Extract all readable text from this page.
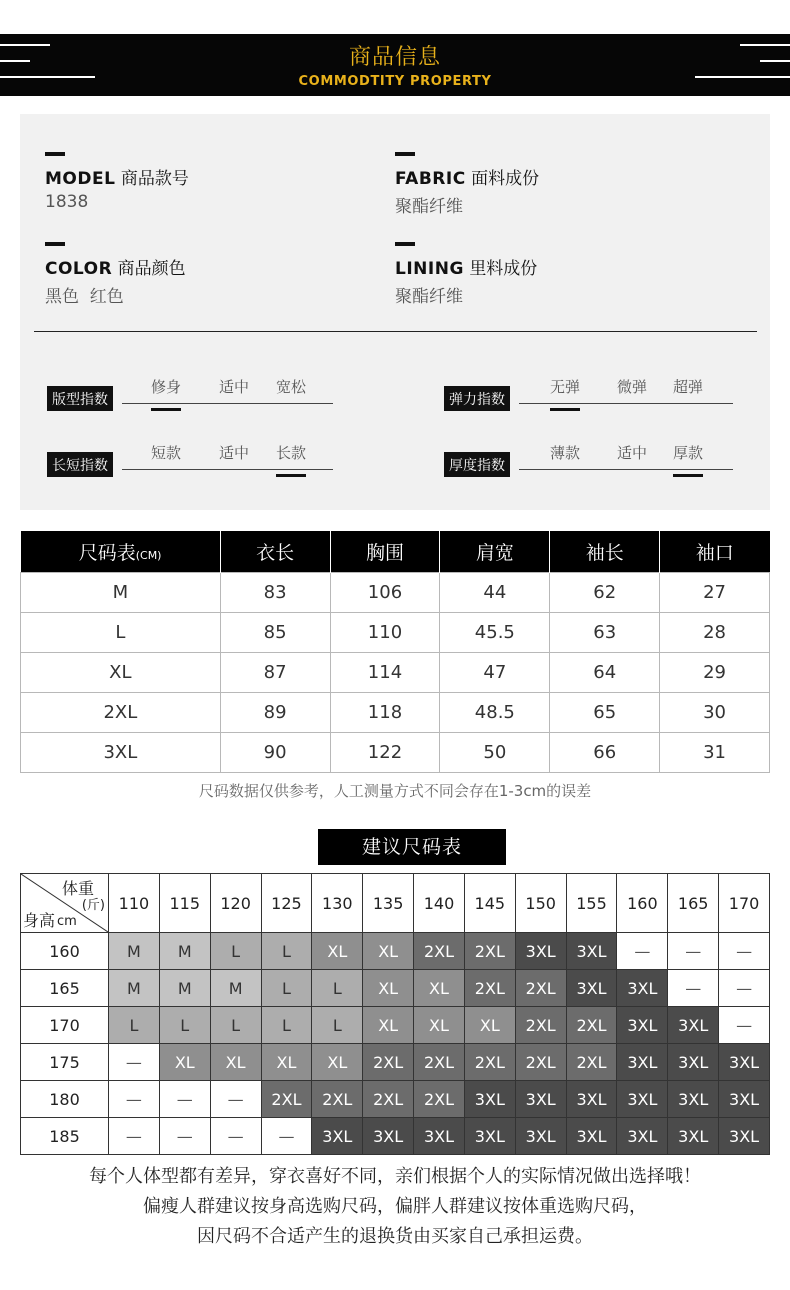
商品信息
COMMODTITY PROPERTY
MODEL 商品款号
1838
FABRIC 面料成份
聚酯纤维
COLOR 商品颜色
黑色  红色
LINING 里料成份
聚酯纤维
版型指数
修身	适中 宽松
弹力指数
无弹 微弹 超弹
长短指数
短款	适中 长款
厚度指数
薄款 适中 厚款
尺码表(CM)	衣长	胸围	肩宽	袖长	袖口
M	83	106	44	62	27
L	85	110	45.5	63	28
XL	87	114	47	64	29
2XL	89	118	48.5	65	30
3XL	90	122	50	66	31
尺码数据仅供参考，人工测量方式不同会存在1-3cm的误差
建议尺码表
体重
(斤)
身高 cm	110	115	120	125	130	135	140	145	150	155	160	165	170
160	M	M	L	L	XL	XL	2XL	2XL	3XL	3XL	—	—	—
165	M	M	M	L	L	XL	XL	2XL	2XL	3XL	3XL	—	—
170	L	L	L	L	L	XL	XL	XL	2XL	2XL	3XL	3XL	—
175	—	XL	XL	XL	XL	2XL	2XL	2XL	2XL	2XL	3XL	3XL	3XL
180	—	—	—	2XL	2XL	2XL	2XL	3XL	3XL	3XL	3XL	3XL	3XL
185	—	—	—	—	3XL	3XL	3XL	3XL	3XL	3XL	3XL	3XL	3XL
每个人体型都有差异，穿衣喜好不同，亲们根据个人的实际情况做出选择哦！
偏瘦人群建议按身高选购尺码，偏胖人群建议按体重选购尺码，
因尺码不合适产生的退换货由买家自己承担运费。
